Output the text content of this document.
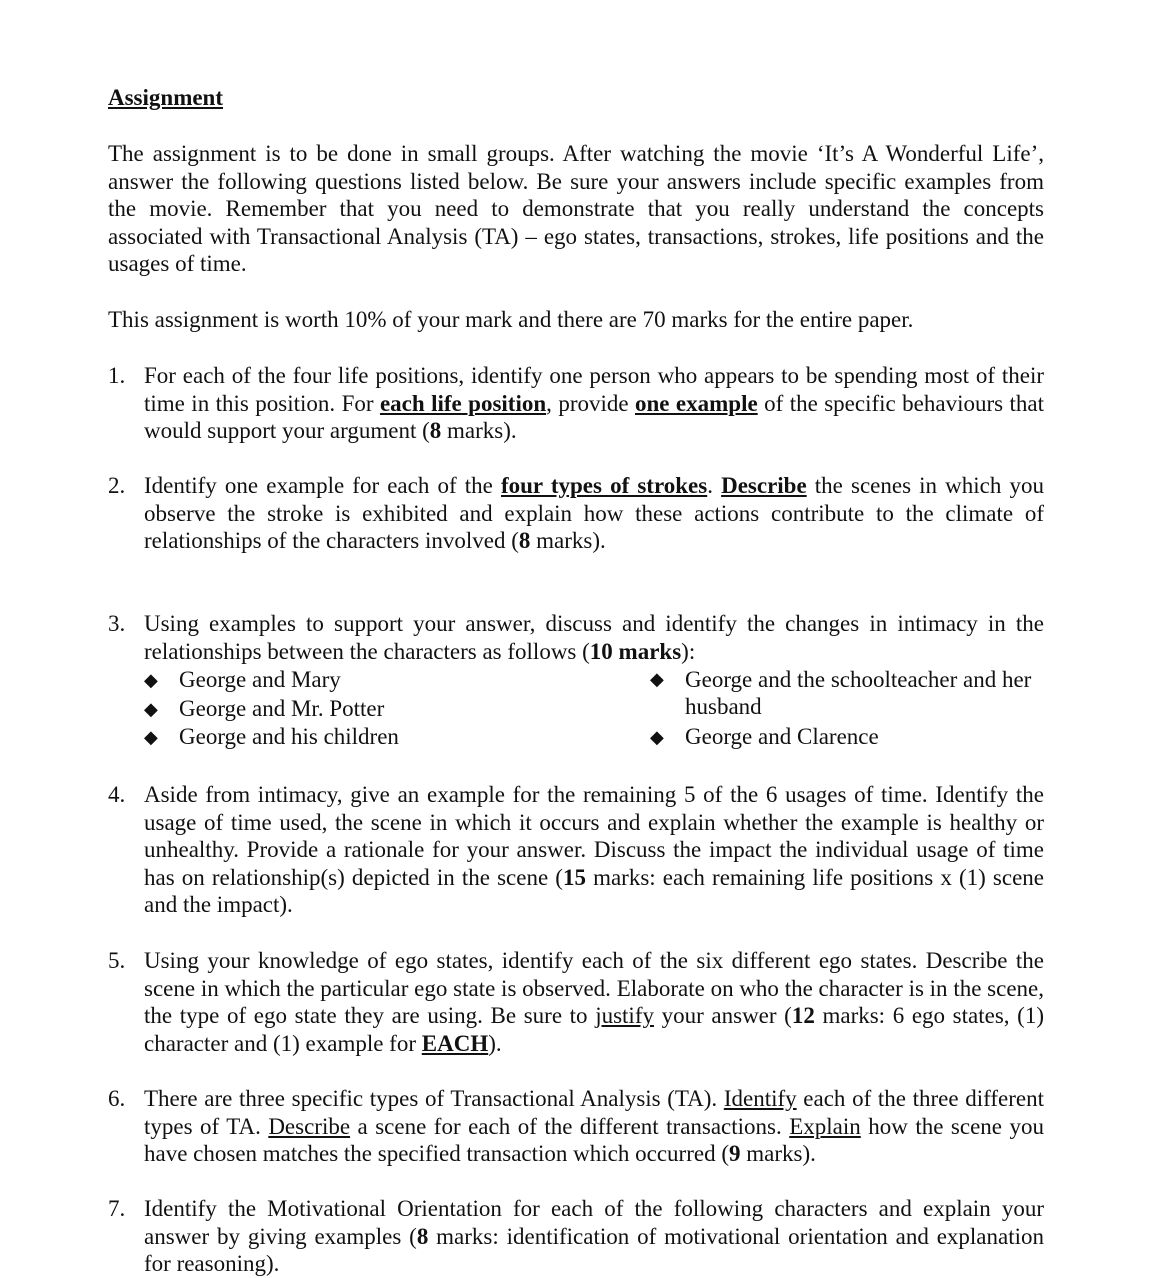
Assignment
The assignment is to be done in small groups. After watching the movie ‘It’s A Wonderful Life’, answer the following questions listed below. Be sure your answers include specific examples from the movie. Remember that you need to demonstrate that you really understand the concepts associated with Transactional Analysis (TA) – ego states, transactions, strokes, life positions and the usages of time.
This assignment is worth 10% of your mark and there are 70 marks for the entire paper.
1. For each of the four life positions, identify one person who appears to be spending most of their time in this position. For each life position, provide one example of the specific behaviours that would support your argument (8 marks).
2. Identify one example for each of the four types of strokes. Describe the scenes in which you observe the stroke is exhibited and explain how these actions contribute to the climate of relationships of the characters involved (8 marks).
3. Using examples to support your answer, discuss and identify the changes in intimacy in the relationships between the characters as follows (10 marks):
◆ George and Mary
◆ George and Mr. Potter
◆ George and his children
◆ George and the schoolteacher and her husband
◆ George and Clarence
4. Aside from intimacy, give an example for the remaining 5 of the 6 usages of time. Identify the usage of time used, the scene in which it occurs and explain whether the example is healthy or unhealthy. Provide a rationale for your answer. Discuss the impact the individual usage of time has on relationship(s) depicted in the scene (15 marks: each remaining life positions x (1) scene and the impact).
5. Using your knowledge of ego states, identify each of the six different ego states. Describe the scene in which the particular ego state is observed. Elaborate on who the character is in the scene, the type of ego state they are using. Be sure to justify your answer (12 marks: 6 ego states, (1) character and (1) example for EACH).
6. There are three specific types of Transactional Analysis (TA). Identify each of the three different types of TA. Describe a scene for each of the different transactions. Explain how the scene you have chosen matches the specified transaction which occurred (9 marks).
7. Identify the Motivational Orientation for each of the following characters and explain your answer by giving examples (8 marks: identification of motivational orientation and explanation for reasoning).
